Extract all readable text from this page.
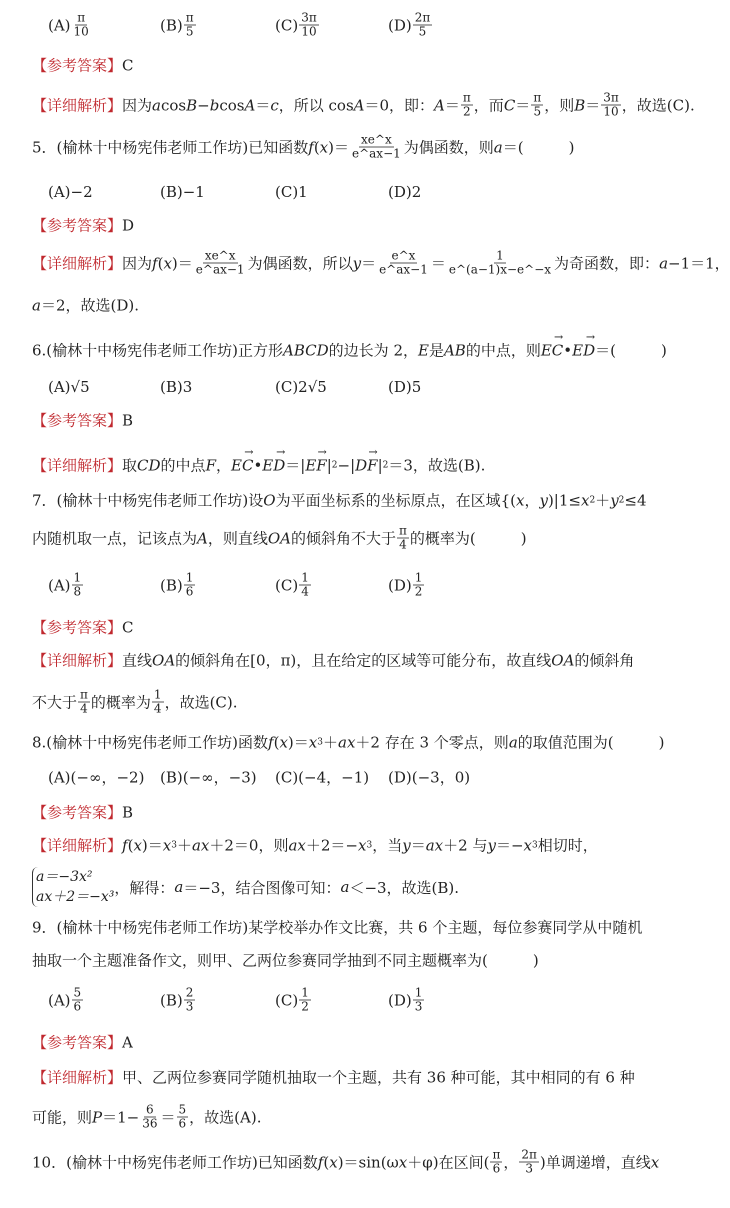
$(A) \frac{\pi}{10}$	$(B) \frac{\pi}{5}$	$(C) \frac{3\pi}{10}$	$(D) \frac{2\pi}{5}$
【参考答案】 C
【详细解析】 因为 a cos B − b cos A ＝ c ，所以 cos A ＝0，即： $A = \frac{\pi}{2}$ ，而 $C = \frac{\pi}{5}$ ，则 $B = \frac{3\pi}{10}$ ，故选(C).
5．(榆林十中杨宪伟老师工作坊)已知函数 f ( x )＝ $\frac{xe\^{}x}{e\^{}ax-1}$ 为偶函数，则 a ＝(　　　)
(A)−2	(B)−1	(C)1	(D)2
【参考答案】 D
【详细解析】 因为 f ( x )＝ $\frac{xe\^{}x}{e\^{}ax-1}$ 为偶函数，所以 $y = \frac{e\^{}x}{e\^{}ax-1} = \frac{1}{e\^{}(a-1)x-e\^{}-x}$ 为奇函数，即： a −1＝1，
a ＝2，故选(D).
6.(榆林十中杨宪伟老师工作坊)正方形 ABCD 的边长为 2， E 是 AB 的中点，则 → EC • → ED ＝(　　　)
(A)√5	(B)3	(C)2√5	(D)5
【参考答案】 B
【详细解析】 取 CD 的中点 F ， → EC • → ED ＝| → EF | 2 −| → DF | 2 ＝3，故选(B).
7．(榆林十中杨宪伟老师工作坊)设 O 为平面坐标系的坐标原点，在区域{( x ， y )|1≤ x 2 ＋ y 2 ≤4
内随机取一点，记该点为 A ，则直线 OA 的倾斜角不大于 $\frac{\pi}{4}$ 的概率为(　　　)
$(A) \frac{1}{8}$	$(B) \frac{1}{6}$	$(C) \frac{1}{4}$	$(D) \frac{1}{2}$
【参考答案】 C
【详细解析】 直线 OA 的倾斜角在[0，π)，且在给定的区域等可能分布，故直线 OA 的倾斜角
不大于 $\frac{\pi}{4}$ 的概率为 $\frac{1}{4}$ ，故选(C).
8.(榆林十中杨宪伟老师工作坊)函数 f ( x )＝ x 3 ＋ ax ＋2 存在 3 个零点，则 a 的取值范围为(　　　)
(A)(−∞，−2) (B)(−∞，−3) (C)(−4，−1) (D)(−3，0)
【参考答案】 B
【详细解析】 f ( x )＝ x 3 ＋ ax ＋2＝0，则 ax ＋2＝− x 3 ，当 y ＝ ax ＋2 与 y ＝− x 3 相切时，
a＝−3x²
ax＋2＝−x³
，解得： a ＝−3，结合图像可知： a ＜−3，故选(B).
9．(榆林十中杨宪伟老师工作坊)某学校举办作文比赛，共 6 个主题，每位参赛同学从中随机
抽取一个主题准备作文，则甲、乙两位参赛同学抽到不同主题概率为(　　　)
$(A) \frac{5}{6}$	$(B) \frac{2}{3}$	$(C) \frac{1}{2}$	$(D) \frac{1}{3}$
【参考答案】 A
【详细解析】 甲、乙两位参赛同学随机抽取一个主题，共有 36 种可能，其中相同的有 6 种
可能，则 $P =1- \frac{6}{36} = \frac{5}{6}$ ，故选(A).
10．(榆林十中杨宪伟老师工作坊)已知函数 f ( x )＝sin(ω x ＋φ)在区间( $\frac{\pi}{6}$ ， $\frac{2\pi}{3}$ )单调递增，直线 x
